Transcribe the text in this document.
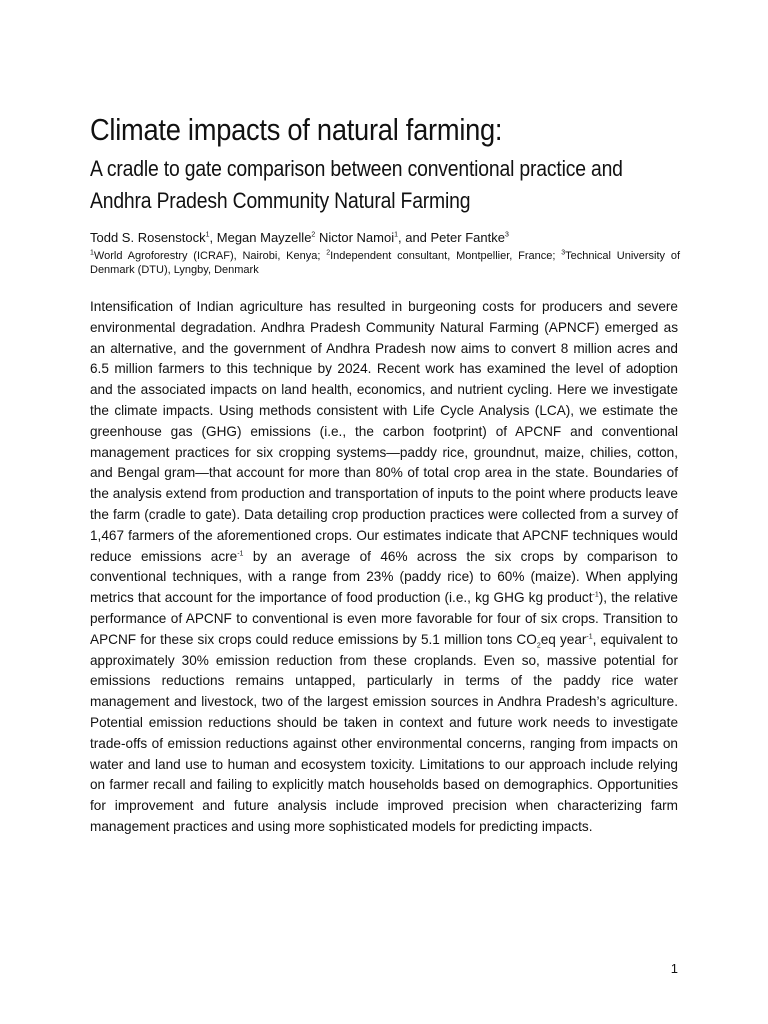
Climate impacts of natural farming:
A cradle to gate comparison between conventional practice and
Andhra Pradesh Community Natural Farming

Todd S. Rosenstock$^1$, Megan Mayzelle$^2$ Nictor Namoi$^1$, and Peter Fantke$^3$

$^1$World Agroforestry (ICRAF), Nairobi, Kenya; $^2$Independent consultant, Montpellier, France; $^3$Technical University of Denmark (DTU), Lyngby, Denmark

Intensification of Indian agriculture has resulted in burgeoning costs for producers and severe environmental degradation. Andhra Pradesh Community Natural Farming (APNCF) emerged as an alternative, and the government of Andhra Pradesh now aims to convert 8 million acres and 6.5 million farmers to this technique by 2024. Recent work has examined the level of adoption and the associated impacts on land health, economics, and nutrient cycling. Here we investigate the climate impacts. Using methods consistent with Life Cycle Analysis (LCA), we estimate the greenhouse gas (GHG) emissions (i.e., the carbon footprint) of APCNF and conventional management practices for six cropping systems—paddy rice, groundnut, maize, chilies, cotton, and Bengal gram—that account for more than 80% of total crop area in the state. Boundaries of the analysis extend from production and transportation of inputs to the point where products leave the farm (cradle to gate). Data detailing crop production practices were collected from a survey of 1,467 farmers of the aforementioned crops. Our estimates indicate that APCNF techniques would reduce emissions acre$^{-1}$ by an average of 46% across the six crops by comparison to conventional techniques, with a range from 23% (paddy rice) to 60% (maize). When applying metrics that account for the importance of food production (i.e., kg GHG kg product$^{-1}$), the relative performance of APCNF to conventional is even more favorable for four of six crops. Transition to APCNF for these six crops could reduce emissions by 5.1 million tons $CO_2eq$ year$^{-1}$, equivalent to approximately 30% emission reduction from these croplands. Even so, massive potential for emissions reductions remains untapped, particularly in terms of the paddy rice water management and livestock, two of the largest emission sources in Andhra Pradesh’s agriculture. Potential emission reductions should be taken in context and future work needs to investigate trade-offs of emission reductions against other environmental concerns, ranging from impacts on water and land use to human and ecosystem toxicity. Limitations to our approach include relying on farmer recall and failing to explicitly match households based on demographics. Opportunities for improvement and future analysis include improved precision when characterizing farm management practices and using more sophisticated models for predicting impacts.

1
